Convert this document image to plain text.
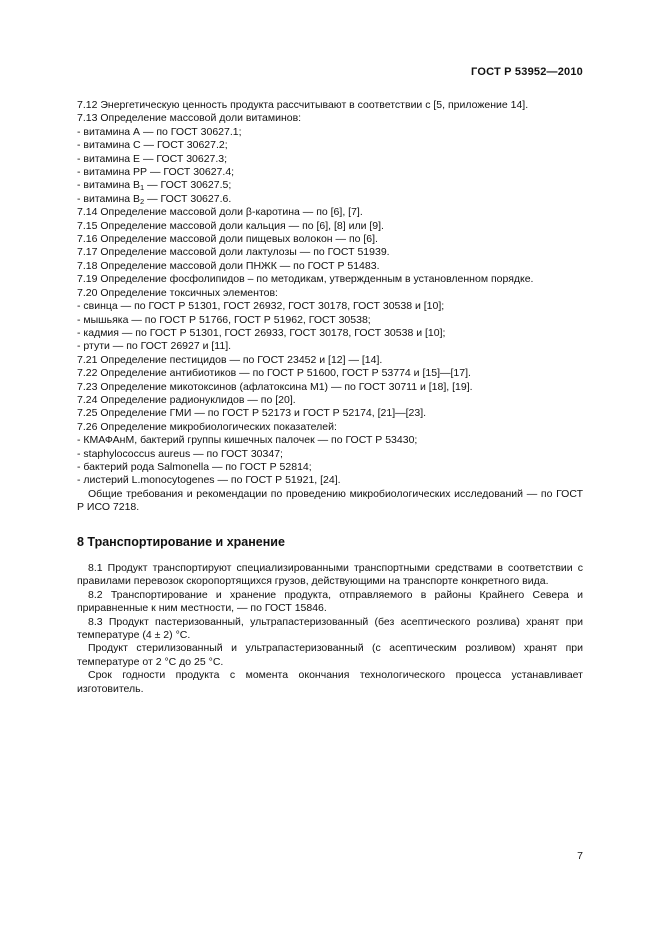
ГОСТ Р 53952—2010
7.12 Энергетическую ценность продукта рассчитывают в соответствии с [5, приложение 14].
7.13 Определение массовой доли витаминов:
- витамина А — по ГОСТ 30627.1;
- витамина С — ГОСТ 30627.2;
- витамина Е — ГОСТ 30627.3;
- витамина РР — ГОСТ 30627.4;
- витамина $В_1$ — ГОСТ 30627.5;
- витамина $В_2$ — ГОСТ 30627.6.
7.14 Определение массовой доли β-каротина — по [6], [7].
7.15 Определение массовой доли кальция — по [6], [8] или [9].
7.16 Определение массовой доли пищевых волокон — по [6].
7.17 Определение массовой доли лактулозы — по ГОСТ 51939.
7.18 Определение массовой доли ПНЖК — по ГОСТ Р 51483.
7.19 Определение фосфолипидов – по методикам, утвержденным в установленном порядке.
7.20 Определение токсичных элементов:
- свинца — по ГОСТ Р 51301, ГОСТ 26932, ГОСТ 30178, ГОСТ 30538 и [10];
- мышьяка — по ГОСТ Р 51766, ГОСТ Р 51962, ГОСТ 30538;
- кадмия — по ГОСТ Р 51301, ГОСТ 26933, ГОСТ 30178, ГОСТ 30538 и [10];
- ртути — по ГОСТ 26927 и [11].
7.21 Определение пестицидов — по ГОСТ 23452 и [12] — [14].
7.22 Определение антибиотиков — по ГОСТ Р 51600, ГОСТ Р 53774 и [15]—[17].
7.23 Определение микотоксинов (афлатоксина М1) — по ГОСТ 30711 и [18], [19].
7.24 Определение радионуклидов — по [20].
7.25 Определение ГМИ — по ГОСТ Р 52173 и ГОСТ Р 52174, [21]—[23].
7.26 Определение микробиологических показателей:
- КМАФАнМ, бактерий группы кишечных палочек — по ГОСТ Р 53430;
- staphylococcus aureus — по ГОСТ 30347;
- бактерий рода Salmonella — по ГОСТ Р 52814;
- листерий L.monocytogenes — по ГОСТ Р 51921, [24].
Общие требования и рекомендации по проведению микробиологических исследований — по ГОСТ Р ИСО 7218.
8 Транспортирование и хранение

8.1 Продукт транспортируют специализированными транспортными средствами в соответствии с правилами перевозок скоропортящихся грузов, действующими на транспорте конкретного вида.

8.2 Транспортирование и хранение продукта, отправляемого в районы Крайнего Севера и приравненные к ним местности, — по ГОСТ 15846.

8.3 Продукт пастеризованный, ультрапастеризованный (без асептического розлива) хранят при температуре (4 ± 2) °С.

Продукт стерилизованный и ультрапастеризованный (с асептическим розливом) хранят при температуре от 2 °С до 25 °С.

Срок годности продукта с момента окончания технологического процесса устанавливает изготовитель.

7
